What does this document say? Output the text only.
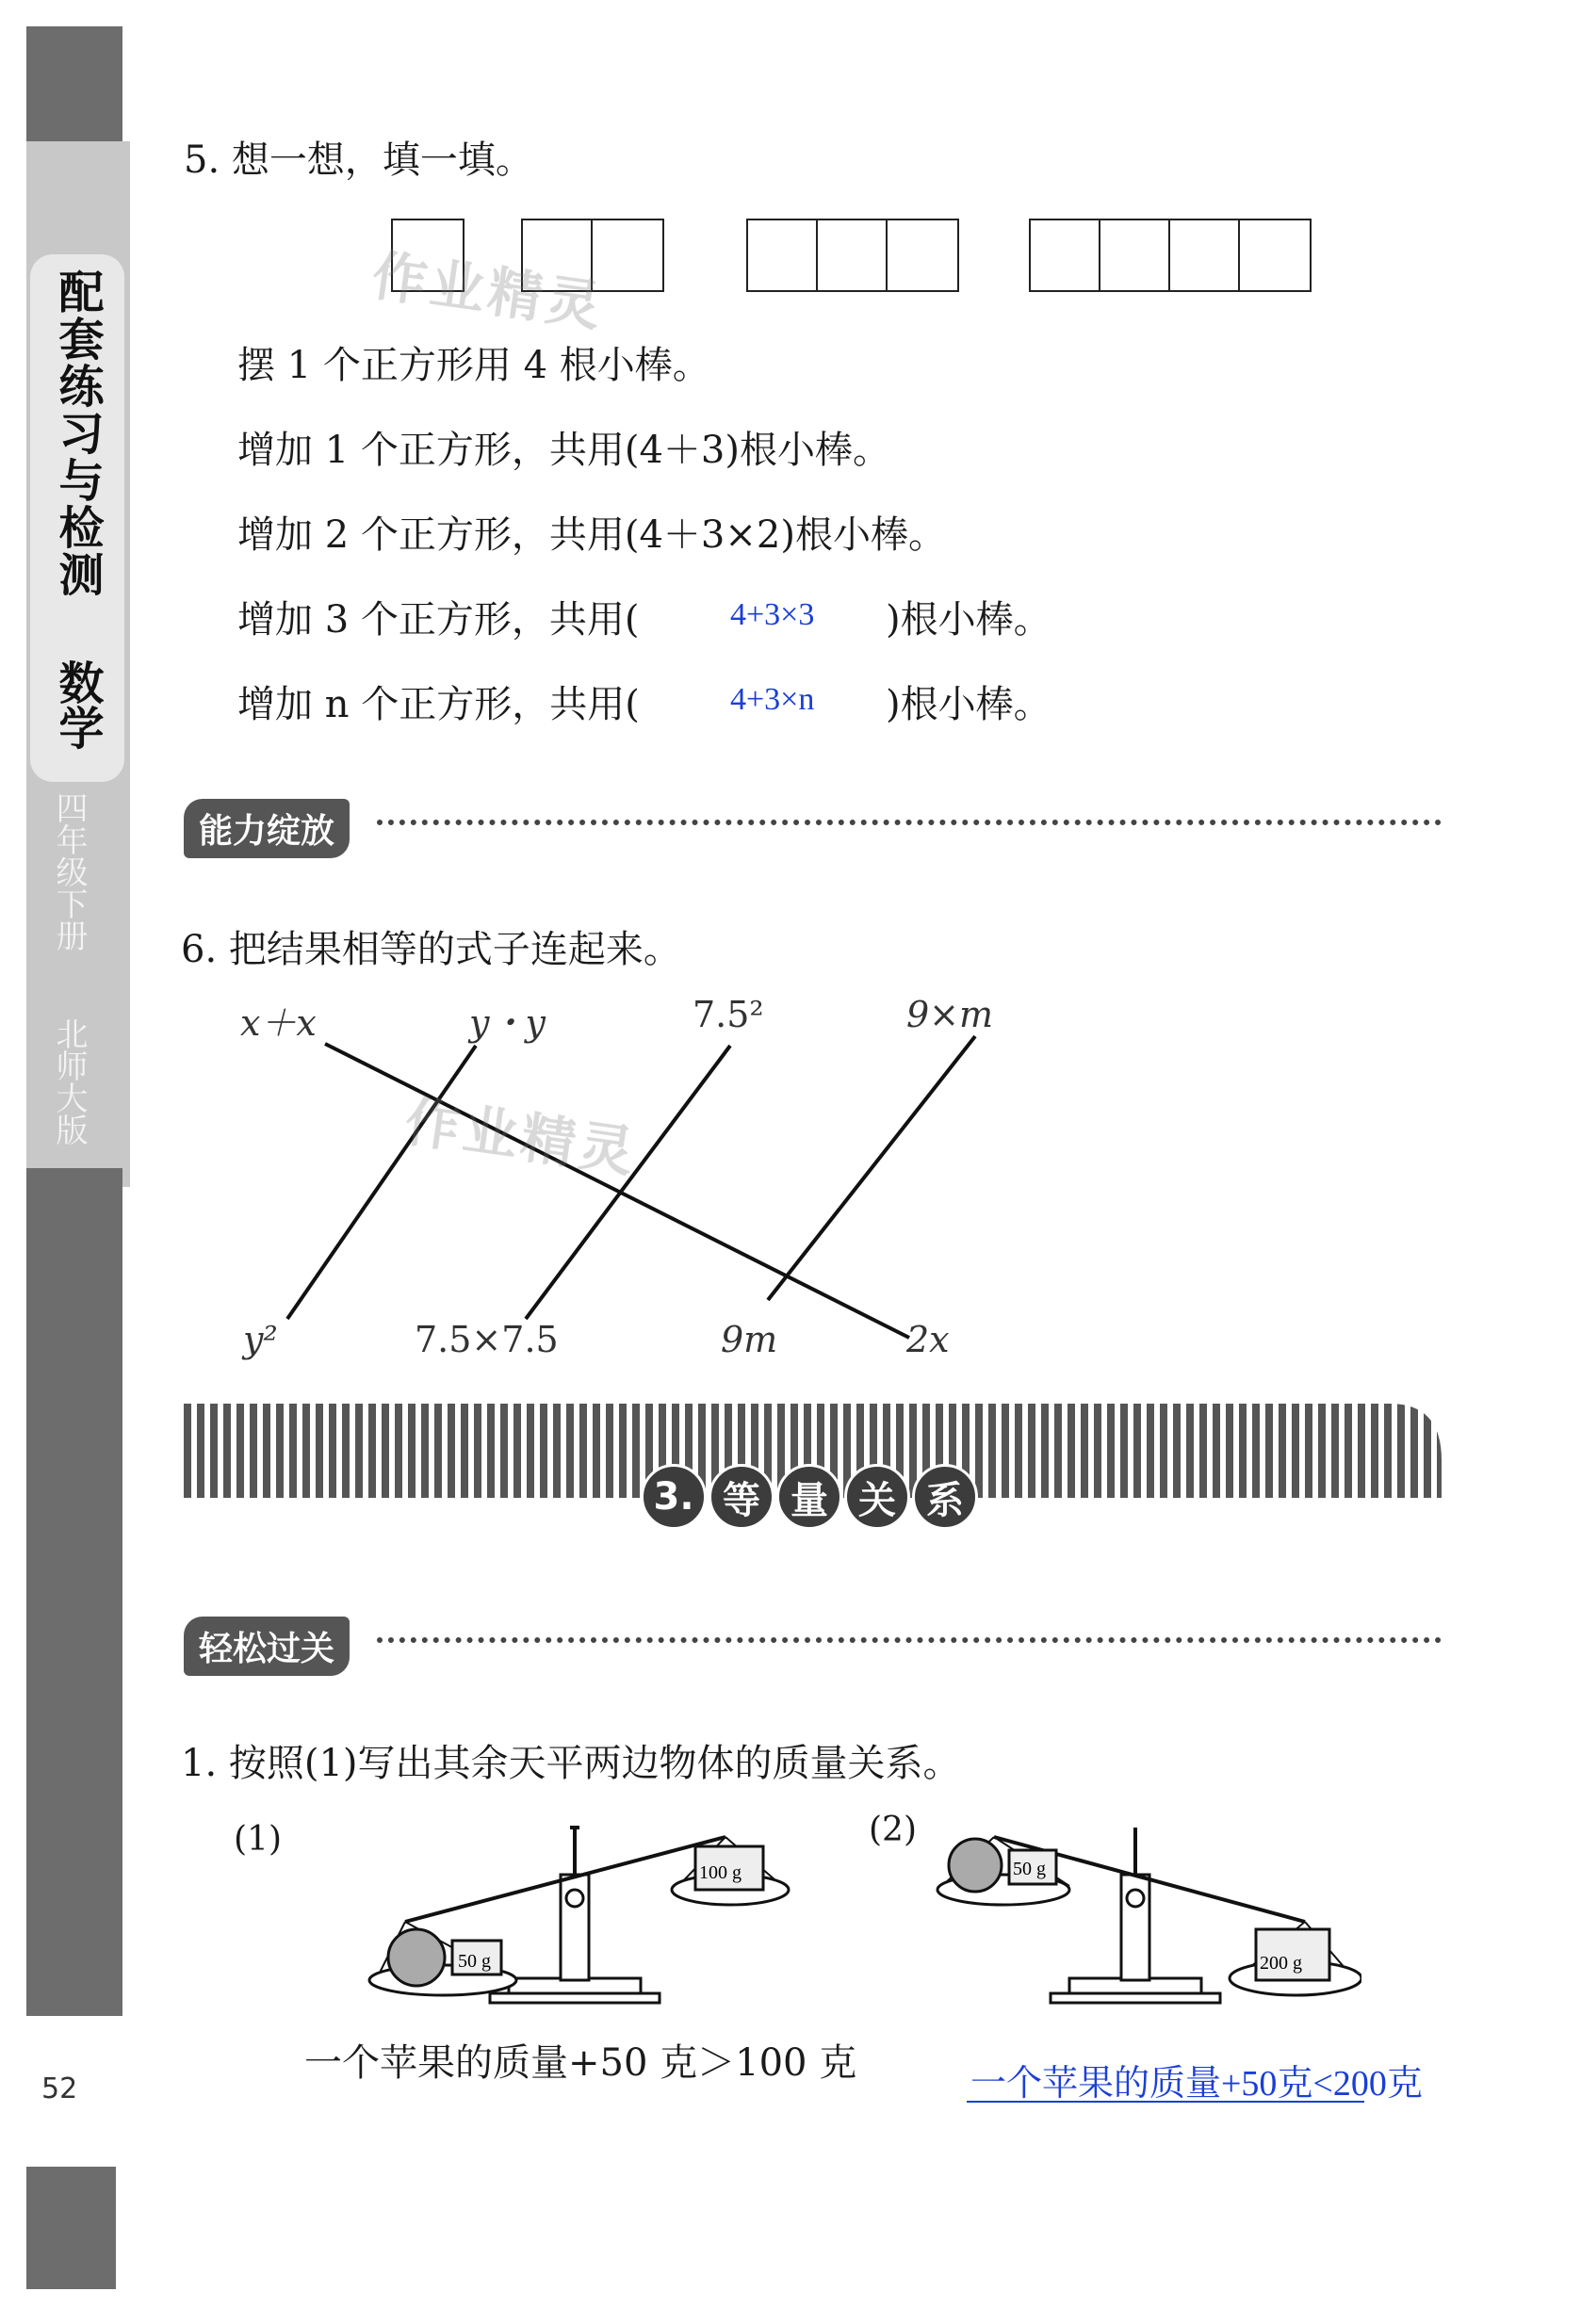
配套练习与检测
数学
四年级下册
北师大版
52
5. 想一想，填一填。
作业精灵
摆 1 个正方形用 4 根小棒。
增加 1 个正方形，共用(4＋3)根小棒。
增加 2 个正方形，共用(4＋3×2)根小棒。
增加 3 个正方形，共用(	4+3×3 )根小棒。
增加 n 个正方形，共用(	4+3×n )根小棒。
能力绽放
6. 把结果相等的式子连起来。
x＋x	y・y	7.5²	9×m
y²	7.5×7.5	9m	2x
作业精灵
3. 等 量 关 系
轻松过关
1. 按照(1)写出其余天平两边物体的质量关系。
(1)	(2)
50 g
100 g	50 g
200 g
一个苹果的质量+50 克＞100 克	一个苹果的质量+50克<200克
